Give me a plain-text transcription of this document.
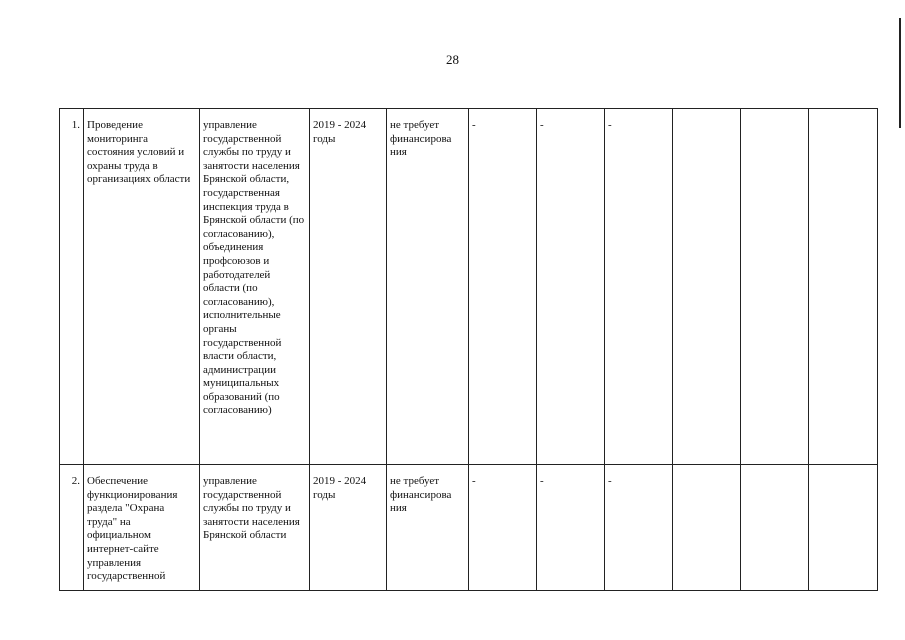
28
1.	Проведение мониторинга состояния условий и охраны труда в организациях области	управление государственной службы по труду и занятости населения Брянской области, государственная инспекция труда в Брянской области (по согласованию), объединения профсоюзов и работодателей области (по согласованию), исполнительные органы государственной власти области, администрации муниципальных образований (по согласованию)	2019 - 2024 годы	не требует финансирова ния	-	-	-			
2.	Обеспечение функционирования раздела "Охрана труда" на официальном интернет-сайте управления государственной	управление государственной службы по труду и занятости населения Брянской области	2019 - 2024 годы	не требует финансирова ния	-	-	-			
